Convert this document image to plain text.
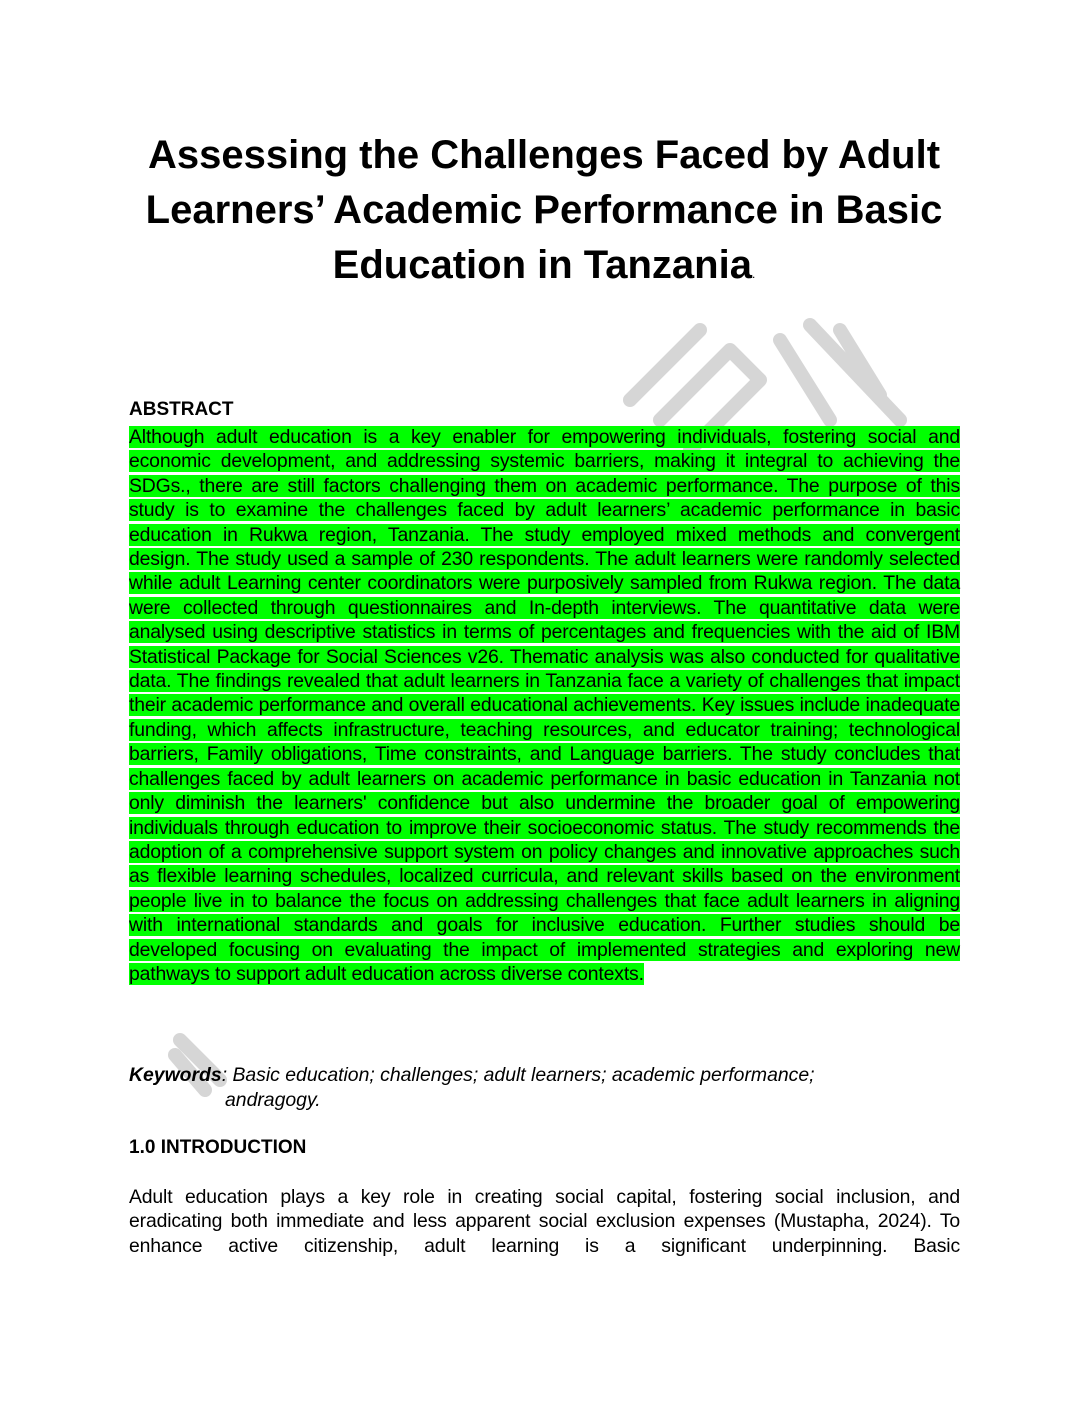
Assessing the Challenges Faced by Adult Learners’ Academic Performance in Basic Education in Tanzania.
ABSTRACT

Although adult education is a key enabler for empowering individuals, fostering social and economic development, and addressing systemic barriers, making it integral to achieving the SDGs., there are still factors challenging them on academic performance. The purpose of this study is to examine the challenges faced by adult learners’ academic performance in basic education in Rukwa region, Tanzania. The study employed mixed methods and convergent design. The study used a sample of 230 respondents. The adult learners were randomly selected while adult Learning center coordinators were purposively sampled from Rukwa region. The data were collected through questionnaires and In-depth interviews. The quantitative data were analysed using descriptive statistics in terms of percentages and frequencies with the aid of IBM Statistical Package for Social Sciences v26. Thematic analysis was also conducted for qualitative data. The findings revealed that adult learners in Tanzania face a variety of challenges that impact their academic performance and overall educational achievements. Key issues include inadequate funding, which affects infrastructure, teaching resources, and educator training; technological barriers, Family obligations, Time constraints, and Language barriers. The study concludes that challenges faced by adult learners on academic performance in basic education in Tanzania not only diminish the learners' confidence but also undermine the broader goal of empowering individuals through education to improve their socioeconomic status. The study recommends the adoption of a comprehensive support system on policy changes and innovative approaches such as flexible learning schedules, localized curricula, and relevant skills based on the environment people live in to balance the focus on addressing challenges that face adult learners in aligning with international standards and goals for inclusive education. Further studies should be developed focusing on evaluating the impact of implemented strategies and exploring new pathways to support adult education across diverse contexts.

Keywords: Basic education; challenges; adult learners; academic performance;
andragogy.

1.0 INTRODUCTION

Adult education plays a key role in creating social capital, fostering social inclusion, and eradicating both immediate and less apparent social exclusion expenses (Mustapha, 2024). To enhance active citizenship, adult learning is a significant underpinning. Basic
